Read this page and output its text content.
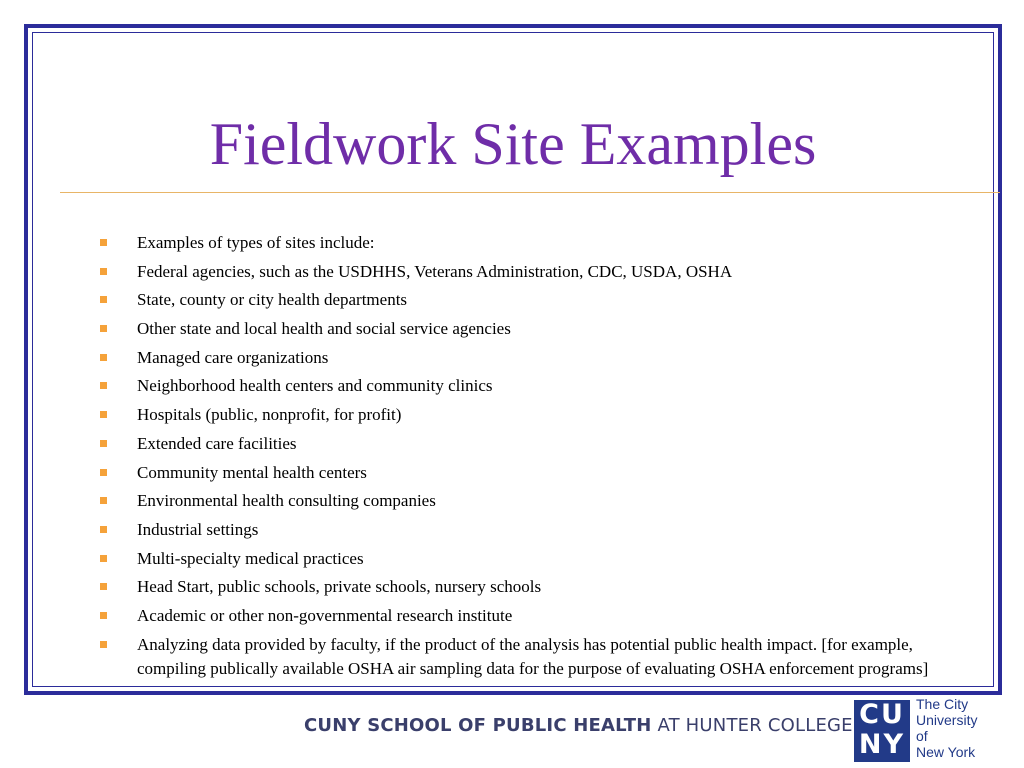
Fieldwork Site Examples
Examples of types of sites include:
Federal agencies, such as the USDHHS, Veterans Administration, CDC, USDA, OSHA
State, county or city health departments
Other state and local health and social service agencies
Managed care organizations
Neighborhood health centers and community clinics
Hospitals (public, nonprofit, for profit)
Extended care facilities
Community mental health centers
Environmental health consulting companies
Industrial settings
Multi-specialty medical practices
Head Start, public schools, private schools, nursery schools
Academic or other non-governmental research institute
Analyzing data provided by faculty, if the product of the analysis has potential public health impact. [for example, compiling publically available OSHA air sampling data for the purpose of evaluating OSHA enforcement programs]
CUNY SCHOOL OF PUBLIC HEALTH AT HUNTER COLLEGE CU
NY
The City
University
of
New York
